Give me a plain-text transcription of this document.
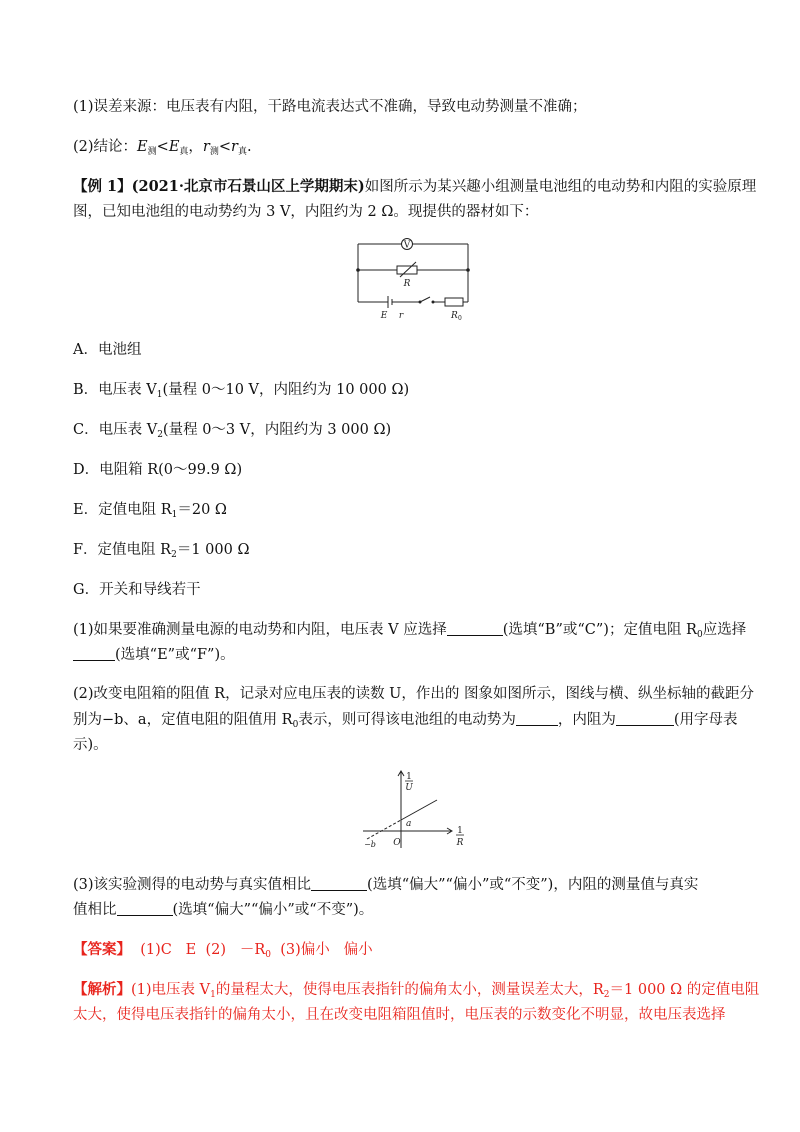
(1)误差来源：电压表有内阻，干路电流表达式不准确，导致电动势测量不准确；
(2)结论：$E_测<E_真$，$r_测<r_真$.
【例 1】(2021·北京市石景山区上学期期末)如图所示为某兴趣小组测量电池组的电动势和内阻的实验原理
图，已知电池组的电动势约为 3 V，内阻约为 2 Ω。现提供的器材如下：
V
R
E r	R 0
A．电池组
B．电压表 $V_1$(量程 0～10 V，内阻约为 10 000 Ω)
C．电压表 $V_2$(量程 0～3 V，内阻约为 3 000 Ω)
D．电阻箱 R(0～99.9 Ω)
E．定值电阻 $R_1=20$ Ω
F．定值电阻 $R_2=1$ 000 Ω
G．开关和导线若干
(1)如果要准确测量电源的电动势和内阻，电压表 V 应选择	(选填“B”或“C”)；定值电阻 $R_0$应选择
(选填“E”或“F”)。
(2)改变电阻箱的阻值 R，记录对应电压表的读数 U，作出的 图象如图所示，图线与横、纵坐标轴的截距分
别为−b、a，定值电阻的阻值用 $R_0$表示，则可得该电池组的电动势为	，内阻为	(用字母表
示)。
1
U
1
R
O
−b
a
(3)该实验测得的电动势与真实值相比	(选填“偏大”“偏小”或“不变”)，内阻的测量值与真实
值相比	(选填“偏大”“偏小”或“不变”)。
【答案】  (1)C   E  $(2) -R_0$  (3)偏小   偏小
【解析】(1)电压表 $V_1$的量程太大，使得电压表指针的偏角太小，测量误差太大，$R_2=1$ 000 Ω 的定值电阻
太大，使得电压表指针的偏角太小，且在改变电阻箱阻值时，电压表的示数变化不明显，故电压表选择
